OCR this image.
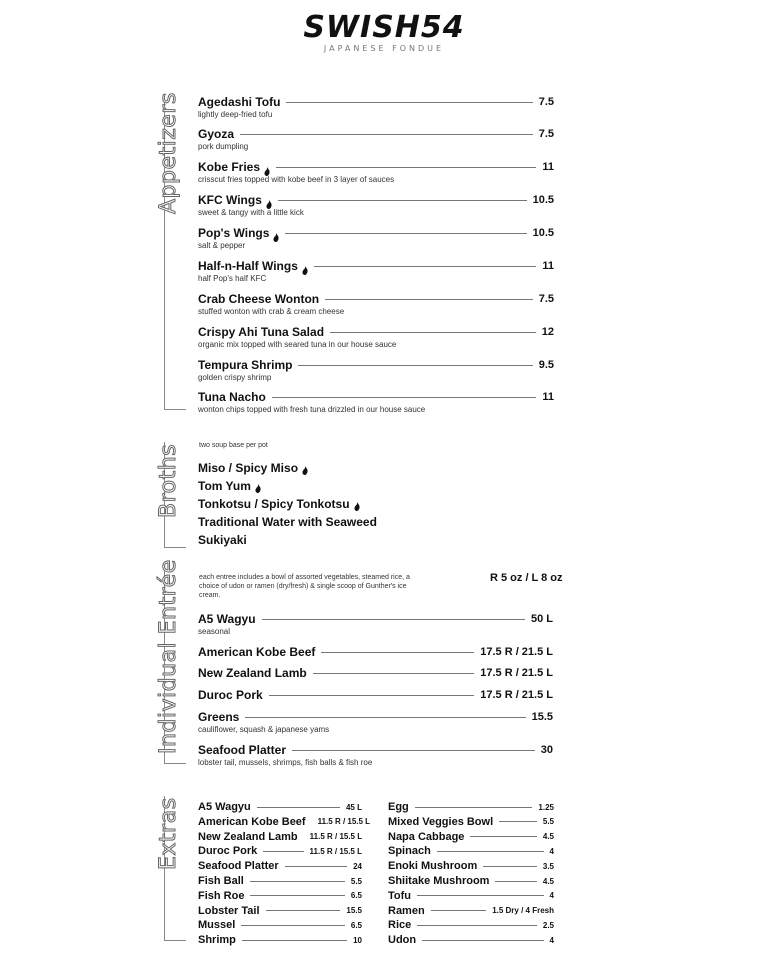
SWISH54
JAPANESE FONDUE
Appetizers
Broths
Individual Entrée
Extras
Agedashi Tofu	7.5
lightly deep-fried tofu
Gyoza	7.5
pork dumpling
Kobe Fries	11
crisscut fries topped with kobe beef in 3 layer of sauces
KFC Wings	10.5
sweet & tangy with a little kick
Pop's Wings	10.5
salt & pepper
Half-n-Half Wings	11
half Pop's half KFC
Crab Cheese Wonton	7.5
stuffed wonton with crab & cream cheese
Crispy Ahi Tuna Salad	12
organic mix topped with seared tuna in our house sauce
Tempura Shrimp	9.5
golden crispy shrimp
Tuna Nacho	11
wonton chips topped with fresh tuna drizzled in our house sauce
two soup base per pot
Miso / Spicy Miso
Tom Yum
Tonkotsu / Spicy Tonkotsu
Traditional Water with Seaweed
Sukiyaki
each entree includes a bowl of assorted vegetables, steamed rice, a choice of udon or ramen (dry/fresh) & single scoop of Gunther's ice cream.
R 5 oz / L 8 oz
A5 Wagyu	50 L
seasonal
American Kobe Beef	17.5 R / 21.5 L
New Zealand Lamb	17.5 R / 21.5 L
Duroc Pork	17.5 R / 21.5 L
Greens	15.5
cauliflower, squash & japanese yams
Seafood Platter	30
lobster tail, mussels, shrimps, fish balls & fish roe
A5 Wagyu	45 L
American Kobe Beef 11.5 R / 15.5 L
New Zealand Lamb 11.5 R / 15.5 L
Duroc Pork	11.5 R / 15.5 L
Seafood Platter	24
Fish Ball	5.5
Fish Roe	6.5
Lobster Tail	15.5
Mussel	6.5
Shrimp	10
Egg	1.25
Mixed Veggies Bowl	5.5
Napa Cabbage	4.5
Spinach	4
Enoki Mushroom	3.5
Shiitake Mushroom	4.5
Tofu	4
Ramen	1.5 Dry / 4 Fresh
Rice	2.5
Udon	4
